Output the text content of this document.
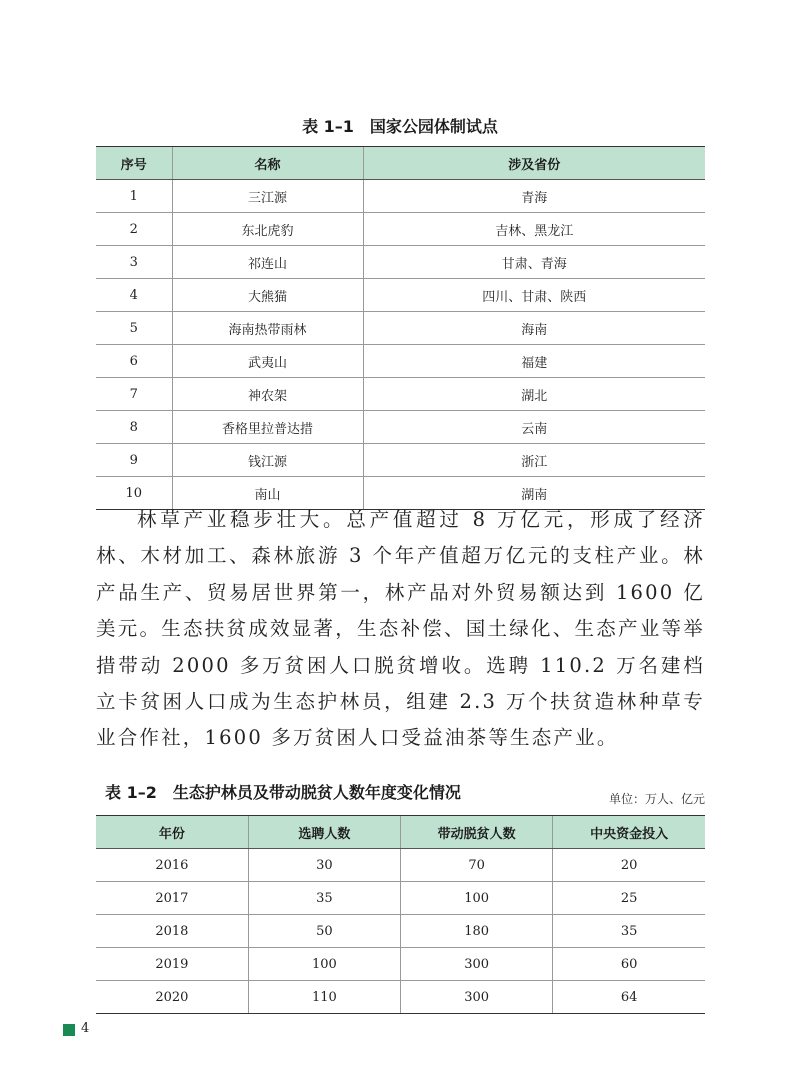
表 1–1　国家公园体制试点
序号	名称	涉及省份
1	三江源	青海
2	东北虎豹	吉林、黑龙江
3	祁连山	甘肃、青海
4	大熊猫	四川、甘肃、陕西
5	海南热带雨林	海南
6	武夷山	福建
7	神农架	湖北
8	香格里拉普达措	云南
9	钱江源	浙江
10	南山	湖南

林草产业稳步壮大。总产值超过 8 万亿元，形成了经济林、木材加工、森林旅游 3 个年产值超万亿元的支柱产业。林产品生产、贸易居世界第一，林产品对外贸易额达到 1600 亿美元。生态扶贫成效显著，生态补偿、国土绿化、生态产业等举措带动 2000 多万贫困人口脱贫增收。选聘 110.2 万名建档立卡贫困人口成为生态护林员，组建 2.3 万个扶贫造林种草专业合作社，1600 多万贫困人口受益油茶等生态产业。

表 1–2　生态护林员及带动脱贫人数年度变化情况	单位：万人、亿元
年份	选聘人数	带动脱贫人数	中央资金投入
2016	30	70	20
2017	35	100	25
2018	50	180	35
2019	100	300	60
2020	110	300	64
4
